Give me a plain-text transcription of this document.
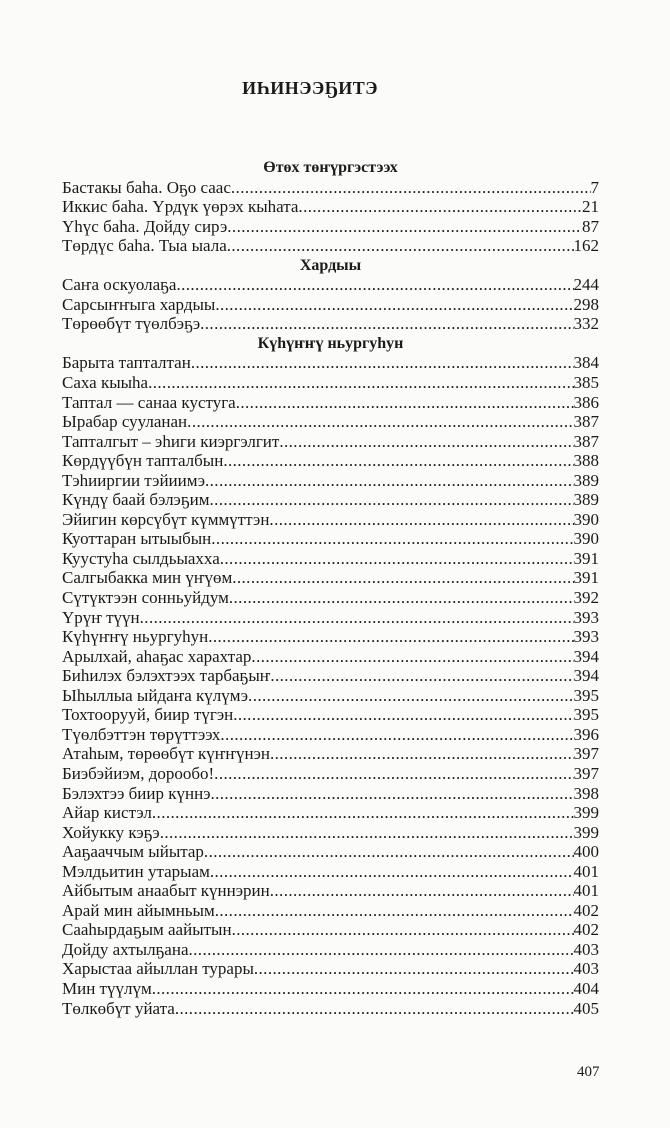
ИҺИНЭЭҔИТЭ
Өтөх төҥүргэстээх
Бастакы баһа. Оҕо саас .....	7
Иккис баһа. Үрдүк үөрэх кыһата .....	21
Үһүс баһа. Дойду сирэ .....	87
Төрдүс баһа. Тыа ыала .....	162
Хардыы
Саҥа оскуолаҕа .....	244
Сарсыҥҥыга хардыы .....	298
Төрөөбүт түөлбэҕэ .....	332
Күһүҥҥү ньургуһун
Барыта тапталтан .....	384
Саха кыыһа .....	385
Таптал — санаа кустуга .....	386
Ырабар сууланан .....	387
Тапталгыт – эһиги киэргэлгит .....	387
Көрдүүбүн тапталбын .....	388
Тэһииргии тэйиимэ .....	389
Күндү баай бэлэҕим .....	389
Эйигин көрсүбүт күммүттэн .....	390
Куоттаран ытыыбын .....	390
Куустуһа сылдьыахха .....	391
Салгыбакка мин үҥүөм .....	391
Сүтүктээн сонньуйдум .....	392
Үрүҥ түүн .....	393
Күһүҥҥү ньургуһун .....	393
Арылхай, аһаҕас харахтар .....	394
Биһилэх бэлэхтээх тарбаҕыҥ .....	394
Ыһыллыа ыйдаҥа күлүмэ .....	395
Тохтоорууй, биир түгэн .....	395
Түөлбэттэн төрүттээх .....	396
Атаһым, төрөөбүт күҥҥүнэн .....	397
Биэбэйиэм, дорообо! .....	397
Бэлэхтээ биир күннэ .....	398
Айар кистэл .....	399
Хойукку кэҕэ .....	399
Ааҕааччым ыйытар .....	400
Мэлдьитин утарыам .....	401
Айбытым анаабыт күннэрин .....	401
Арай мин айымньым .....	402
Сааһырдаҕым аайытын .....	402
Дойду ахтылҕана .....	403
Харыстаа айыллан турары .....	403
Мин түүлүм .....	404
Төлкөбүт уйата .....	405
407
